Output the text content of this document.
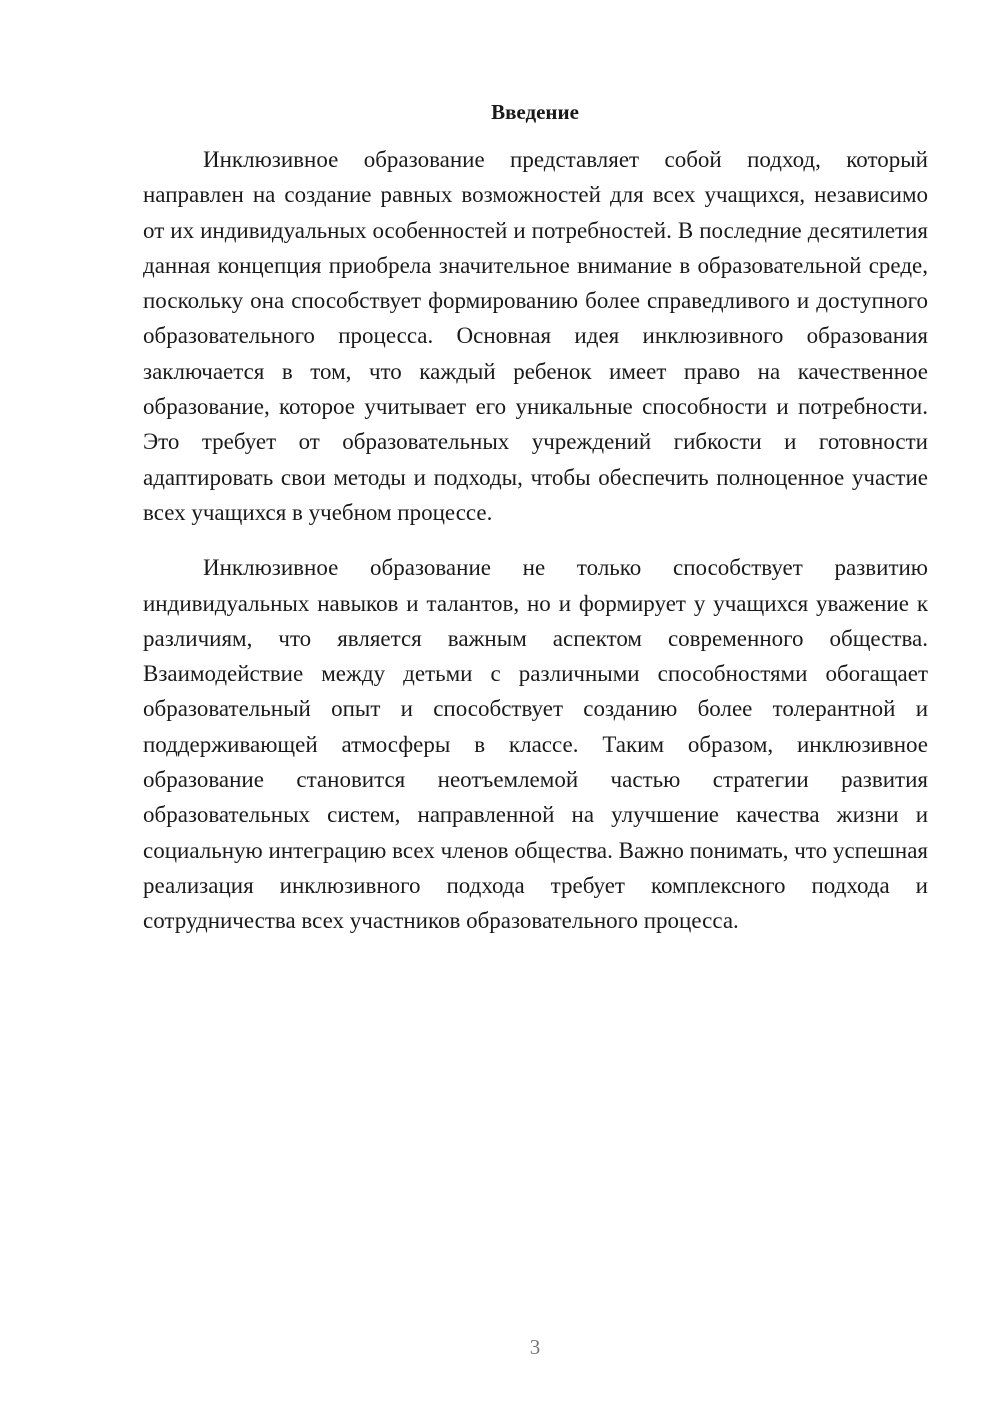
Введение

Инклюзивное образование представляет собой подход, который направлен на создание равных возможностей для всех учащихся, независимо от их индивидуальных особенностей и потребностей. В последние десятилетия данная концепция приобрела значительное внимание в образовательной среде, поскольку она способствует формированию более справедливого и доступного образовательного процесса. Основная идея инклюзивного образования заключается в том, что каждый ребенок имеет право на качественное образование, которое учитывает его уникальные способности и потребности. Это требует от образовательных учреждений гибкости и готовности адаптировать свои методы и подходы, чтобы обеспечить полноценное участие всех учащихся в учебном процессе.

Инклюзивное образование не только способствует развитию индивидуальных навыков и талантов, но и формирует у учащихся уважение к различиям, что является важным аспектом современного общества. Взаимодействие между детьми с различными способностями обогащает образовательный опыт и способствует созданию более толерантной и поддерживающей атмосферы в классе. Таким образом, инклюзивное образование становится неотъемлемой частью стратегии развития образовательных систем, направленной на улучшение качества жизни и социальную интеграцию всех членов общества. Важно понимать, что успешная реализация инклюзивного подхода требует комплексного подхода и сотрудничества всех участников образовательного процесса.

3
